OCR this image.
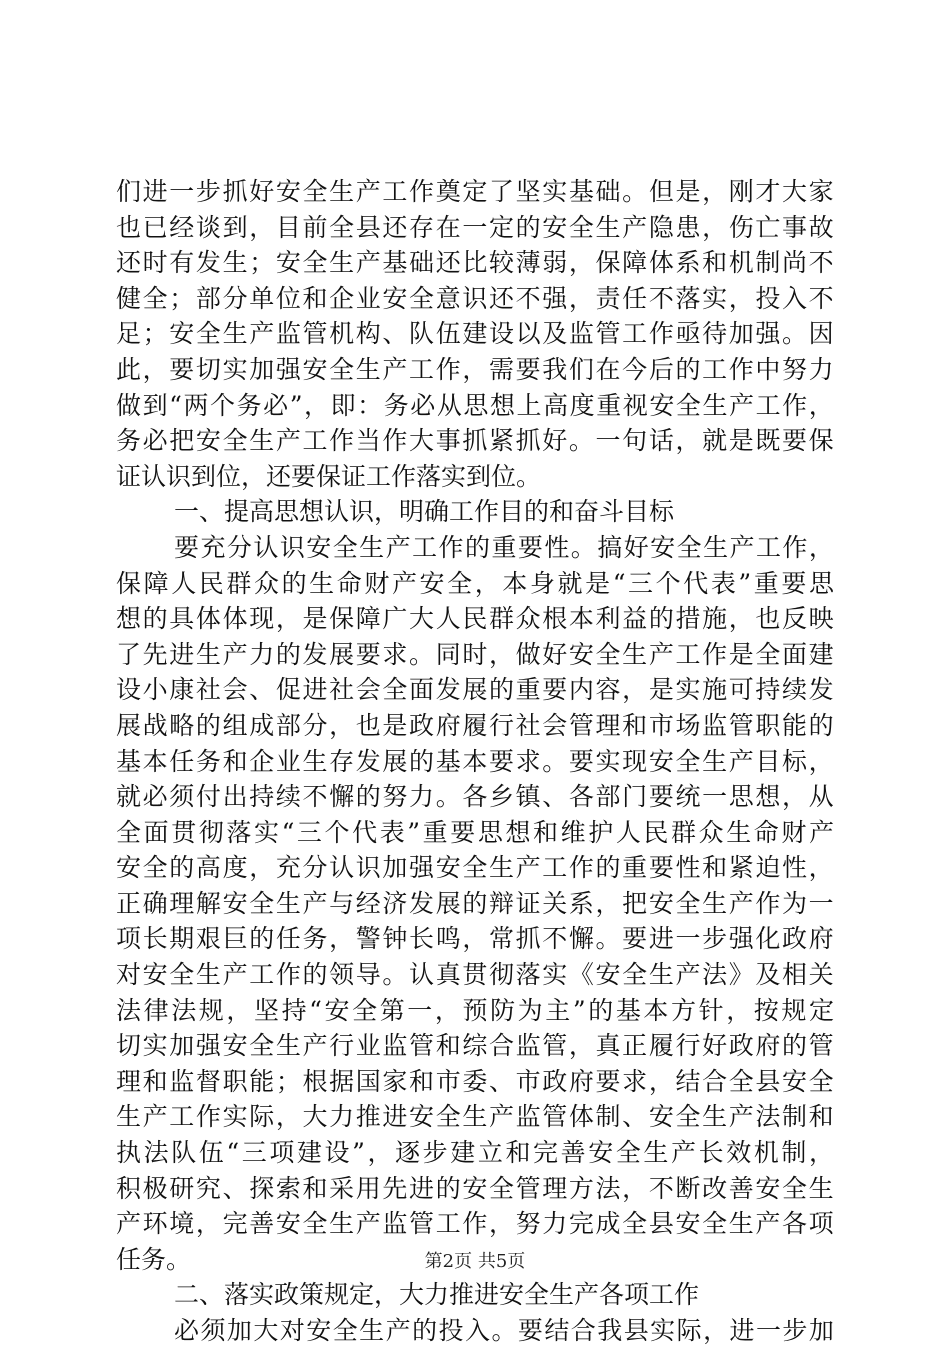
们 进 一 步 抓 好 安 全 生 产 工 作 奠 定 了 坚 实 基 础 。 但 是 ， 刚 才 大 家
也 已 经 谈 到 ， 目 前 全 县 还 存 在 一 定 的 安 全 生 产 隐 患 ， 伤 亡 事 故
还 时 有 发 生 ； 安 全 生 产 基 础 还 比 较 薄 弱 ， 保 障 体 系 和 机 制 尚 不
健 全 ； 部 分 单 位 和 企 业 安 全 意 识 还 不 强 ， 责 任 不 落 实 ， 投 入 不
足 ； 安 全 生 产 监 管 机 构 、 队 伍 建 设 以 及 监 管 工 作 亟 待 加 强 。 因
此 ， 要 切 实 加 强 安 全 生 产 工 作 ， 需 要 我 们 在 今 后 的 工 作 中 努 力
做 到 “ 两 个 务 必 ” ， 即 ： 务 必 从 思 想 上 高 度 重 视 安 全 生 产 工 作 ，
务 必 把 安 全 生 产 工 作 当 作 大 事 抓 紧 抓 好 。 一 句 话 ， 就 是 既 要 保
证认识到位，还要保证工作落实到位。
一、提高思想认识，明确工作目的和奋斗目标
要 充 分 认 识 安 全 生 产 工 作 的 重 要 性 。 搞 好 安 全 生 产 工 作 ，
保 障 人 民 群 众 的 生 命 财 产 安 全 ， 本 身 就 是 “ 三 个 代 表 ” 重 要 思
想 的 具 体 体 现 ， 是 保 障 广 大 人 民 群 众 根 本 利 益 的 措 施 ， 也 反 映
了 先 进 生 产 力 的 发 展 要 求 。 同 时 ， 做 好 安 全 生 产 工 作 是 全 面 建
设 小 康 社 会 、 促 进 社 会 全 面 发 展 的 重 要 内 容 ， 是 实 施 可 持 续 发
展 战 略 的 组 成 部 分 ， 也 是 政 府 履 行 社 会 管 理 和 市 场 监 管 职 能 的
基 本 任 务 和 企 业 生 存 发 展 的 基 本 要 求 。 要 实 现 安 全 生 产 目 标 ，
就 必 须 付 出 持 续 不 懈 的 努 力 。 各 乡 镇 、 各 部 门 要 统 一 思 想 ， 从
全 面 贯 彻 落 实 “ 三 个 代 表 ” 重 要 思 想 和 维 护 人 民 群 众 生 命 财 产
安 全 的 高 度 ， 充 分 认 识 加 强 安 全 生 产 工 作 的 重 要 性 和 紧 迫 性 ，
正 确 理 解 安 全 生 产 与 经 济 发 展 的 辩 证 关 系 ， 把 安 全 生 产 作 为 一
项 长 期 艰 巨 的 任 务 ， 警 钟 长 鸣 ， 常 抓 不 懈 。 要 进 一 步 强 化 政 府
对 安 全 生 产 工 作 的 领 导 。 认 真 贯 彻 落 实 《 安 全 生 产 法 》 及 相 关
法 律 法 规 ， 坚 持 “ 安 全 第 一 ， 预 防 为 主 ” 的 基 本 方 针 ， 按 规 定
切 实 加 强 安 全 生 产 行 业 监 管 和 综 合 监 管 ， 真 正 履 行 好 政 府 的 管
理 和 监 督 职 能 ； 根 据 国 家 和 市 委 、 市 政 府 要 求 ， 结 合 全 县 安 全
生 产 工 作 实 际 ， 大 力 推 进 安 全 生 产 监 管 体 制 、 安 全 生 产 法 制 和
执 法 队 伍 “ 三 项 建 设 ” ， 逐 步 建 立 和 完 善 安 全 生 产 长 效 机 制 ，
积 极 研 究 、 探 索 和 采 用 先 进 的 安 全 管 理 方 法 ， 不 断 改 善 安 全 生
产 环 境 ， 完 善 安 全 生 产 监 管 工 作 ， 努 力 完 成 全 县 安 全 生 产 各 项
任务。
二、落实政策规定，大力推进安全生产各项工作
必 须 加 大 对 安 全 生 产 的 投 入 。 要 结 合 我 县 实 际 ， 进 一 步 加
第2页 共5页
